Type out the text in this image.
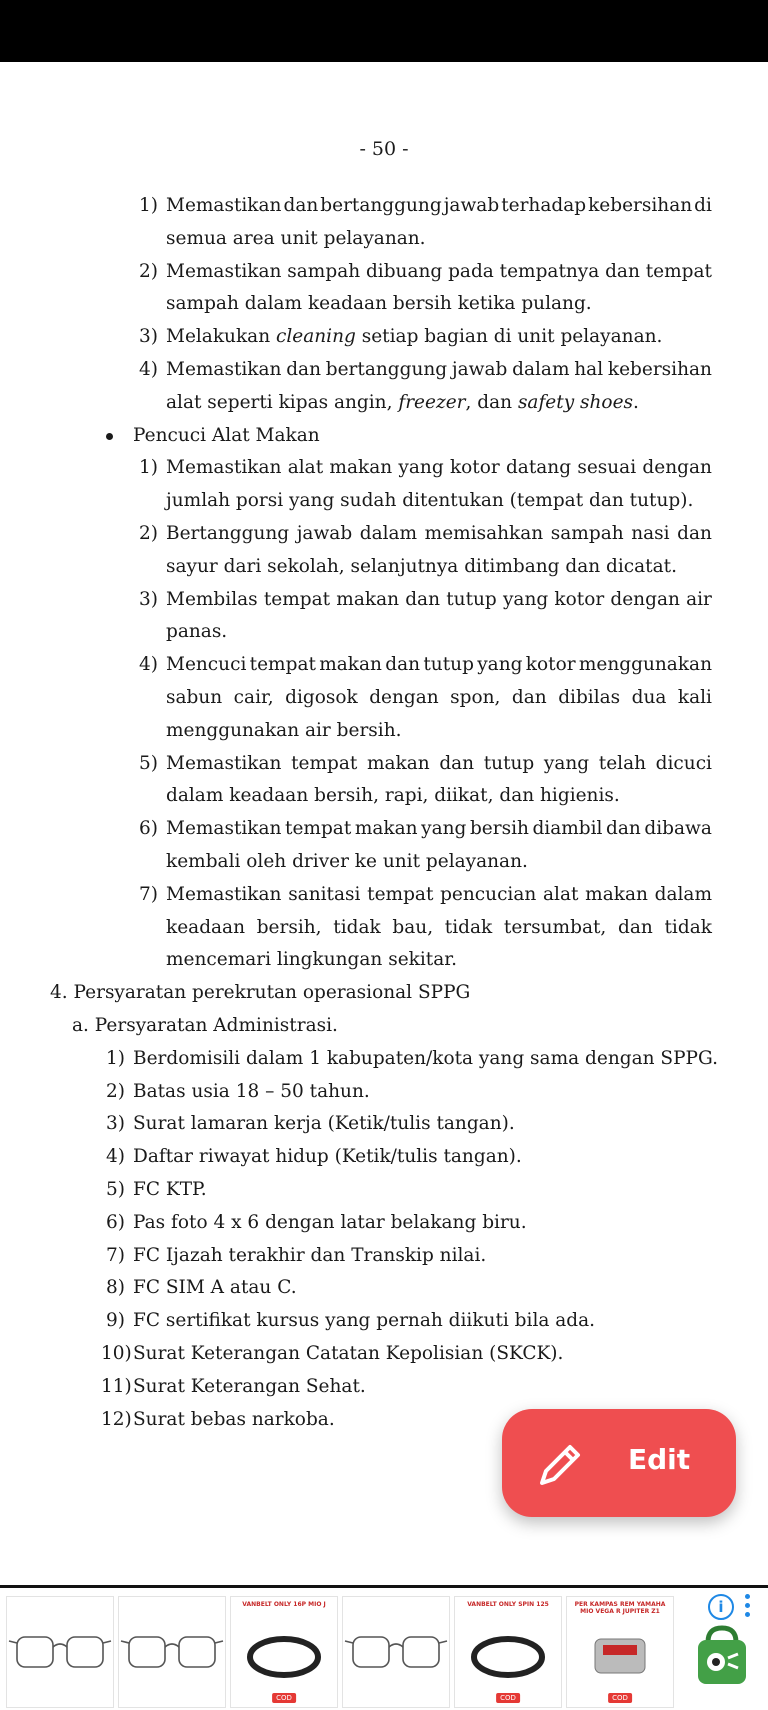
- 50 -
1) Memastikan dan bertanggung jawab terhadap kebersihan di
semua area unit pelayanan.
2) Memastikan sampah dibuang pada tempatnya dan tempat
sampah dalam keadaan bersih ketika pulang.
3) Melakukan cleaning setiap bagian di unit pelayanan.
4) Memastikan dan bertanggung jawab dalam hal kebersihan
alat seperti kipas angin, freezer, dan safety shoes.
Pencuci Alat Makan
1) Memastikan alat makan yang kotor datang sesuai dengan
jumlah porsi yang sudah ditentukan (tempat dan tutup).
2) Bertanggung jawab dalam memisahkan sampah nasi dan
sayur dari sekolah, selanjutnya ditimbang dan dicatat.
3) Membilas tempat makan dan tutup yang kotor dengan air
panas.
4) Mencuci tempat makan dan tutup yang kotor menggunakan
sabun cair, digosok dengan spon, dan dibilas dua kali
menggunakan air bersih.
5) Memastikan tempat makan dan tutup yang telah dicuci
dalam keadaan bersih, rapi, diikat, dan higienis.
6) Memastikan tempat makan yang bersih diambil dan dibawa
kembali oleh driver ke unit pelayanan.
7) Memastikan sanitasi tempat pencucian alat makan dalam
keadaan bersih, tidak bau, tidak tersumbat, dan tidak
mencemari lingkungan sekitar.
4. Persyaratan perekrutan operasional SPPG
a. Persyaratan Administrasi.
1) Berdomisili dalam 1 kabupaten/kota yang sama dengan SPPG.
2) Batas usia 18 – 50 tahun.
3) Surat lamaran kerja (Ketik/tulis tangan).
4) Daftar riwayat hidup (Ketik/tulis tangan).
5) FC KTP.
6) Pas foto 4 x 6 dengan latar belakang biru.
7) FC Ijazah terakhir dan Transkip nilai.
8) FC SIM A atau C.
9) FC sertifikat kursus yang pernah diikuti bila ada.
10) Surat Keterangan Catatan Kepolisian (SKCK).
11) Surat Keterangan Sehat.
12) Surat bebas narkoba.
Edit
VANBELT ONLY 16P MIO J
COD
VANBELT ONLY SPIN 125
COD
PER KAMPAS REM YAMAHA MIO VEGA R JUPITER Z1
COD
i
